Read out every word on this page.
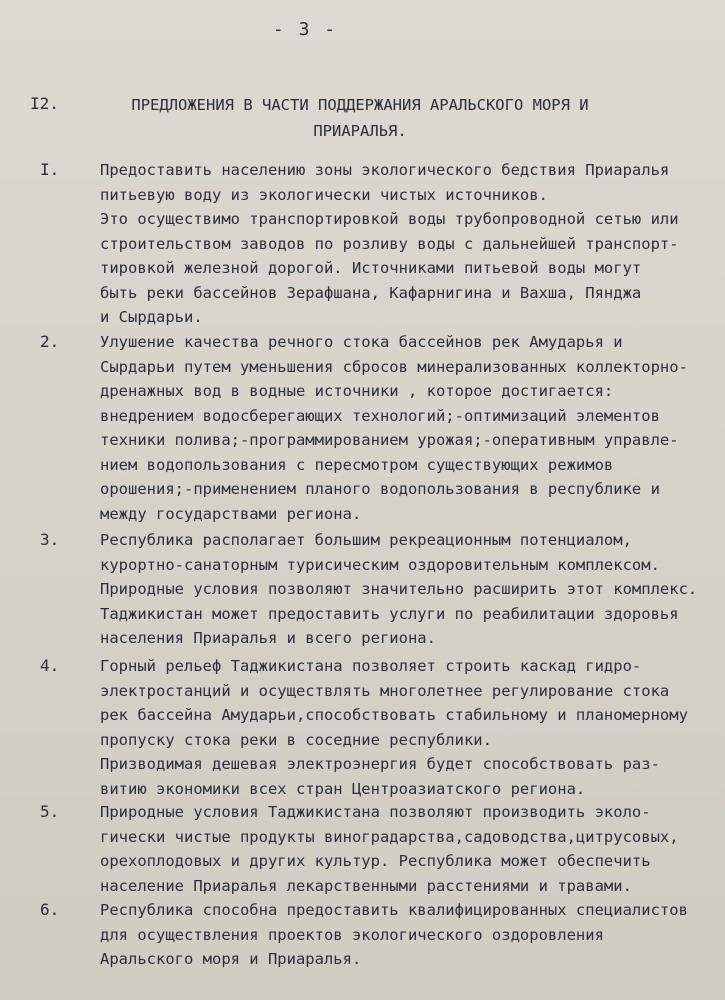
- 3 -
I2.	ПРЕДЛОЖЕНИЯ В ЧАСТИ ПОДДЕРЖАНИЯ АРАЛЬСКОГО МОРЯ И
ПРИАРАЛЬЯ.
I.	Предоставить населению зоны экологического бедствия Приаралья
питьевую воду из экологически чистых источников.
Это осуществимо транспортировкой воды трубопроводной сетью или
строительством заводов по розливу воды с дальнейшей транспорт-
тировкой железной дорогой. Источниками питьевой воды могут
быть реки бассейнов Зерафшана, Кафарнигина и Вахша, Пянджа
и Сырдарьи.
2.	Улушение качества речного стока бассейнов рек Амударья и
Сырдарьи путем уменьшения сбросов минерализованных коллекторно-
дренажных вод в водные источники , которое достигается:
внедрением водосберегающих технологий;-оптимизаций элементов
техники полива;-программированием урожая;-оперативным управле-
нием водопользования с пересмотром существующих режимов
орошения;-применением планого водопользования в республике и
между государствами региона.
3.	Республика располагает большим рекреационным потенциалом,
курортно-санаторным турисическим оздоровительным комплексом.
Природные условия позволяют значительно расширить этот комплекс.
Таджикистан может предоставить услуги по реабилитации здоровья
населения Приаралья и всего региона.
4.	Горный рельеф Таджикистана позволяет строить каскад гидро-
электростанций и осуществлять многолетнее регулирование стока
рек бассейна Амударьи,способствовать стабильному и планомерному
пропуску стока реки в соседние республики.
Призводимая дешевая электроэнергия будет способствовать раз-
витию экономики всех стран Центроазиатского региона.
5.	Природные условия Таджикистана позволяют производить эколо-
гически чистые продукты виноградарства,садоводства,цитрусовых,
орехоплодовых и других культур. Республика может обеспечить
население Приаралья лекарственными расстениями и травами.
6.	Республика способна предоставить квалифицированных специалистов
для осуществления проектов экологического оздоровления
Аральского моря и Приаралья.
